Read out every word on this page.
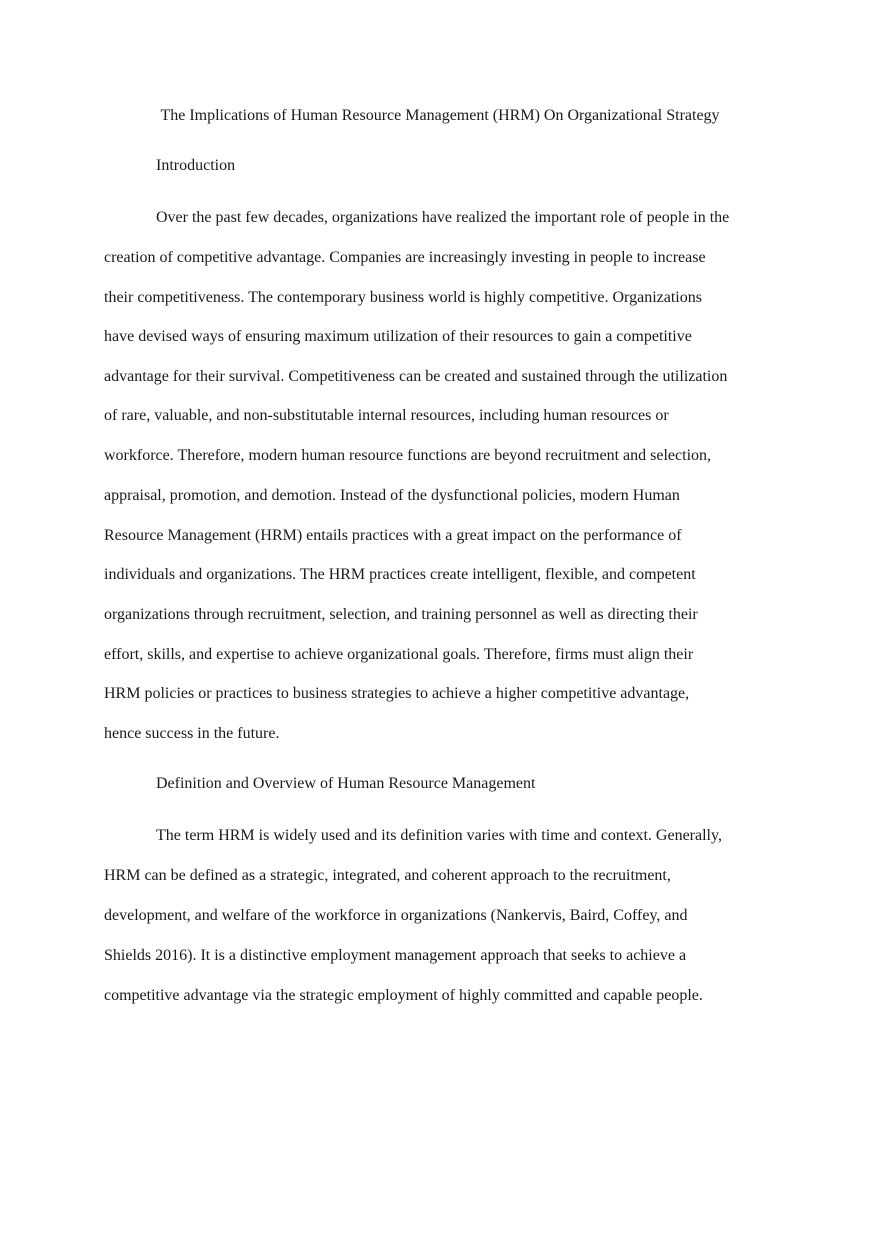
The Implications of Human Resource Management (HRM) On Organizational Strategy
Introduction
Over the past few decades, organizations have realized the important role of people in the
creation of competitive advantage. Companies are increasingly investing in people to increase
their competitiveness. The contemporary business world is highly competitive. Organizations
have devised ways of ensuring maximum utilization of their resources to gain a competitive
advantage for their survival. Competitiveness can be created and sustained through the utilization
of rare, valuable, and non-substitutable internal resources, including human resources or
workforce. Therefore, modern human resource functions are beyond recruitment and selection,
appraisal, promotion, and demotion. Instead of the dysfunctional policies, modern Human
Resource Management (HRM) entails practices with a great impact on the performance of
individuals and organizations. The HRM practices create intelligent, flexible, and competent
organizations through recruitment, selection, and training personnel as well as directing their
effort, skills, and expertise to achieve organizational goals. Therefore, firms must align their
HRM policies or practices to business strategies to achieve a higher competitive advantage,
hence success in the future.
Definition and Overview of Human Resource Management
The term HRM is widely used and its definition varies with time and context. Generally,
HRM can be defined as a strategic, integrated, and coherent approach to the recruitment,
development, and welfare of the workforce in organizations (Nankervis, Baird, Coffey, and
Shields 2016). It is a distinctive employment management approach that seeks to achieve a
competitive advantage via the strategic employment of highly committed and capable people.
